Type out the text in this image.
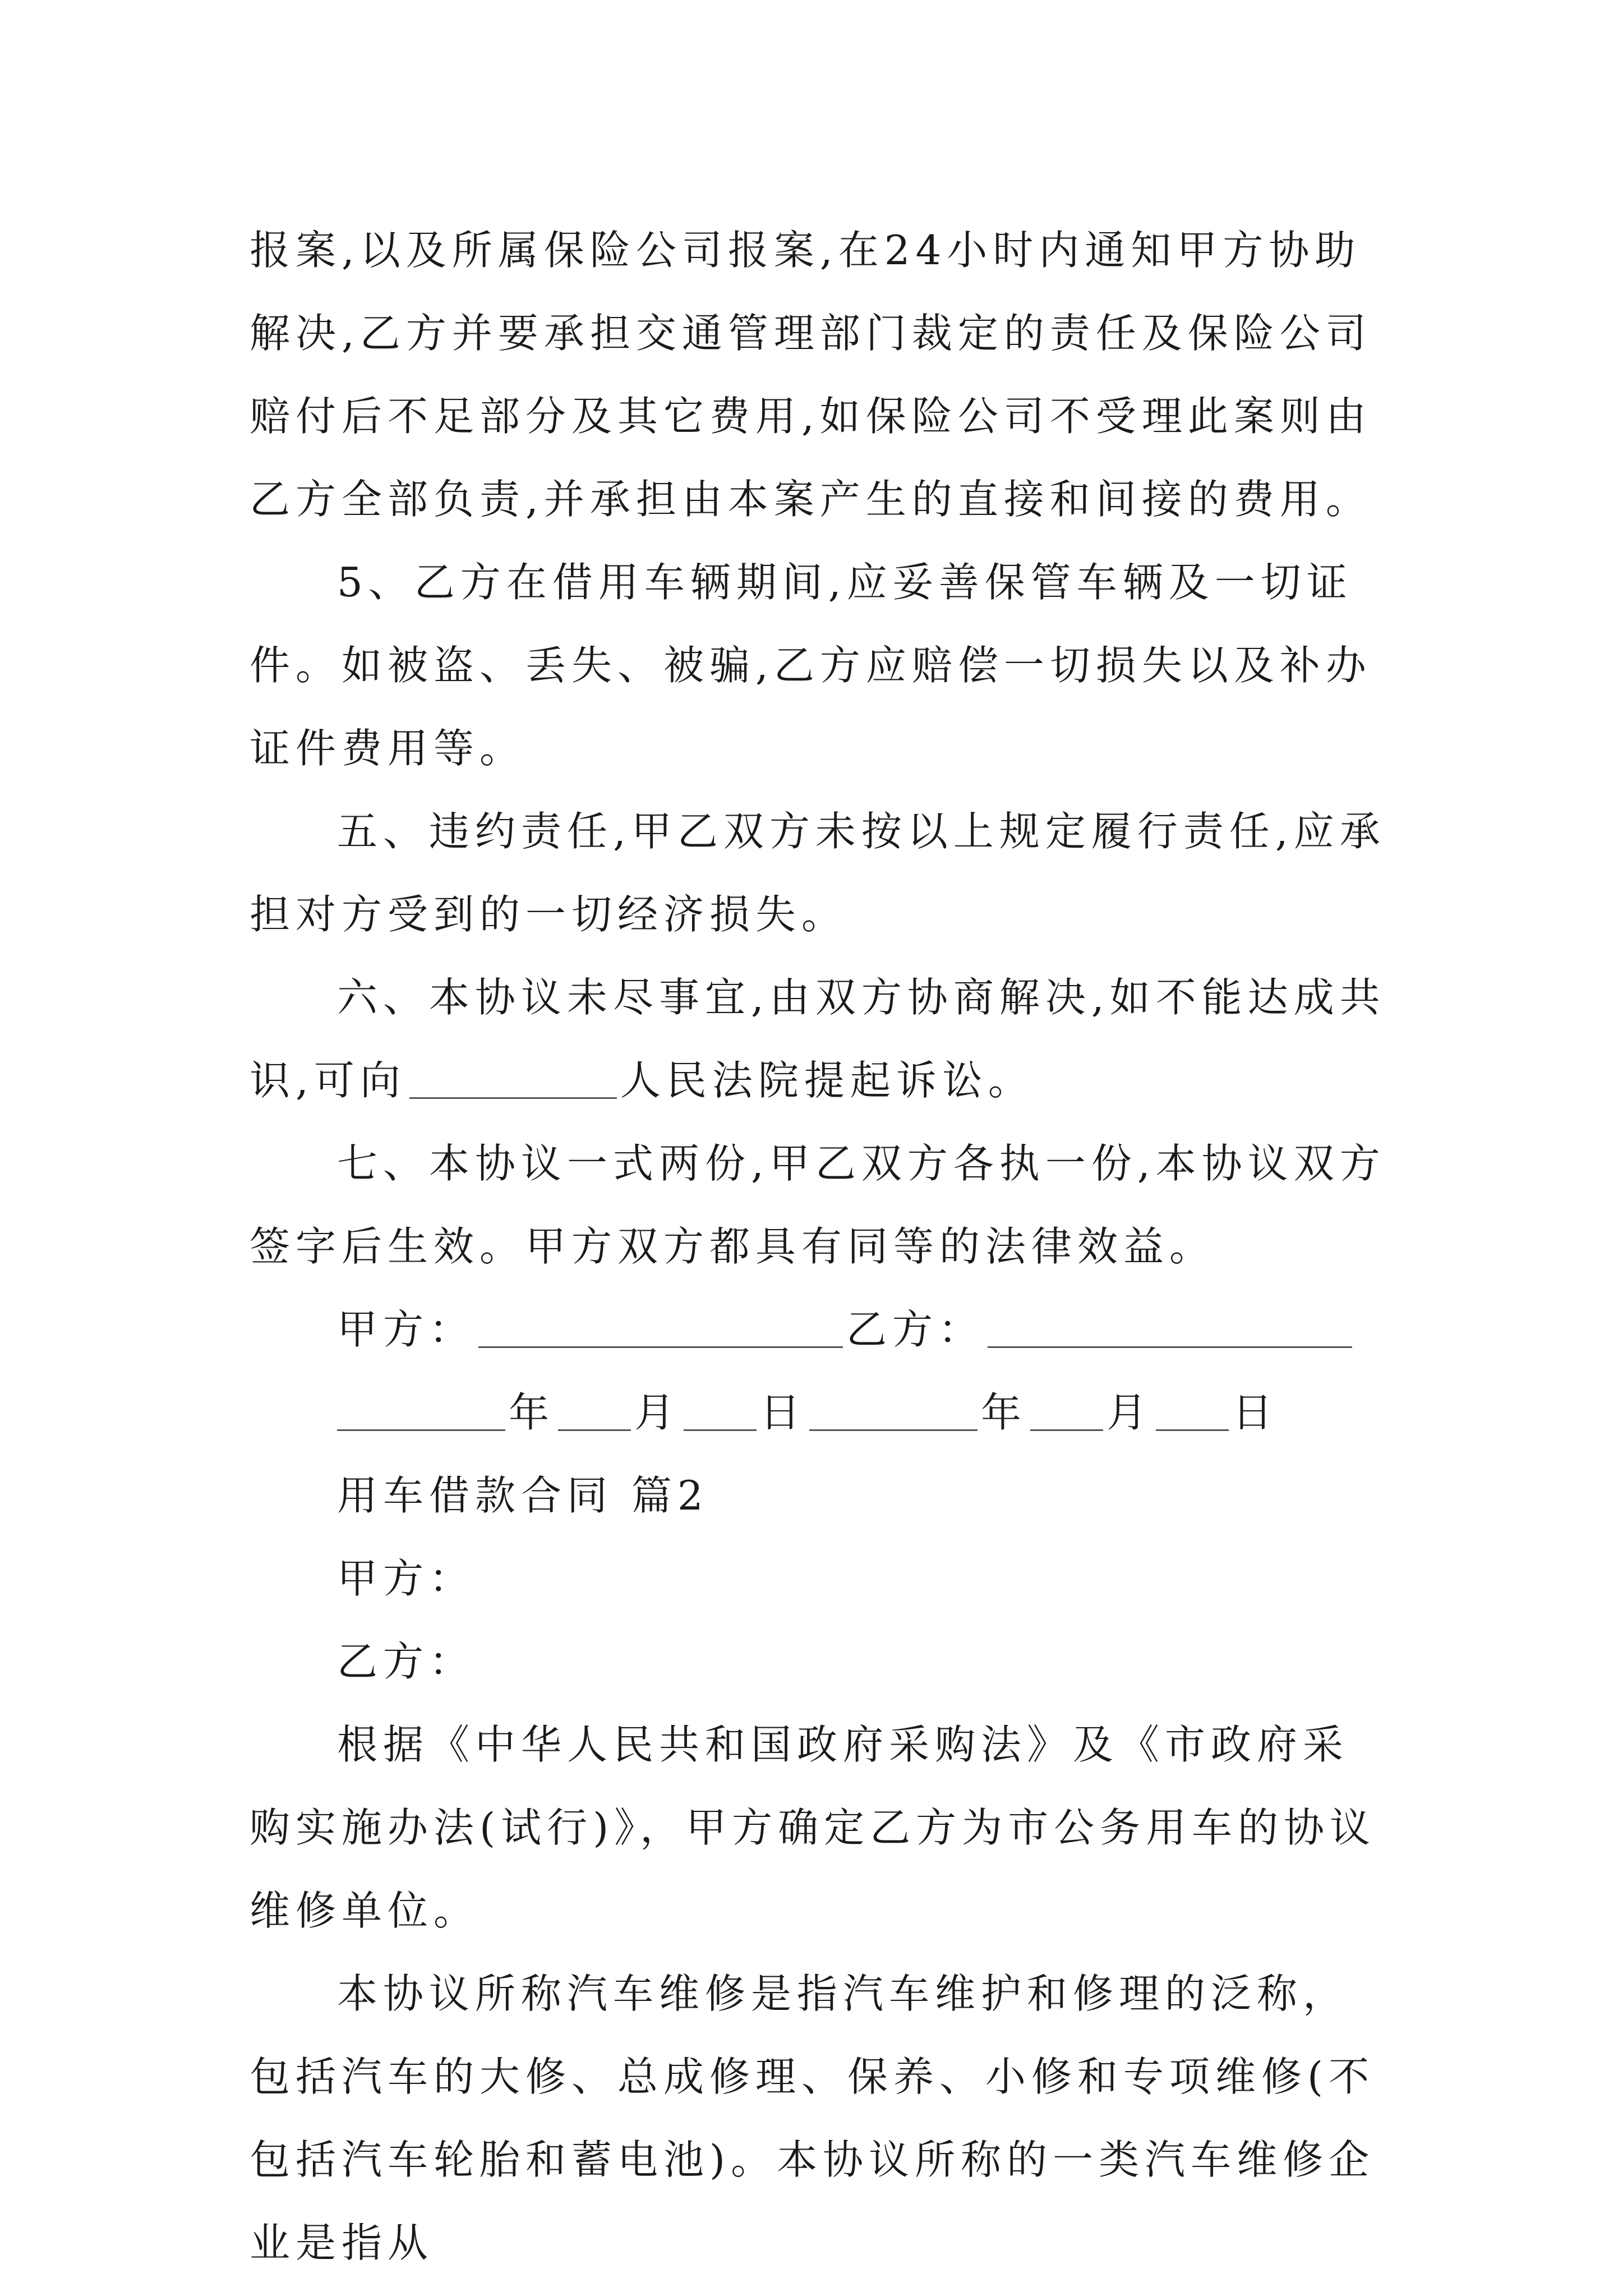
报案,以及所属保险公司报案,在24小时内通知甲方协助解决,乙方并要承担交通管理部门裁定的责任及保险公司赔付后不足部分及其它费用,如保险公司不受理此案则由乙方全部负责,并承担由本案产生的直接和间接的费用。

5、乙方在借用车辆期间,应妥善保管车辆及一切证件。如被盗、丢失、被骗,乙方应赔偿一切损失以及补办证件费用等。

五、违约责任,甲乙双方未按以上规定履行责任,应承担对方受到的一切经济损失。

六、本协议未尽事宜,由双方协商解决,如不能达成共识,可向	人民法院提起诉讼。

七、本协议一式两份,甲乙双方各执一份,本协议双方签字后生效。甲方双方都具有同等的法律效益。

甲方：	乙方：

年 月 日	年 月 日

用车借款合同 篇2

甲方：

乙方：

根据《中华人民共和国政府采购法》及《市政府采购实施办法(试行)》，甲方确定乙方为市公务用车的协议维修单位。

本协议所称汽车维修是指汽车维护和修理的泛称，包括汽车的大修、总成修理、保养、小修和专项维修(不包括汽车轮胎和蓄电池)。本协议所称的一类汽车维修企业是指从
